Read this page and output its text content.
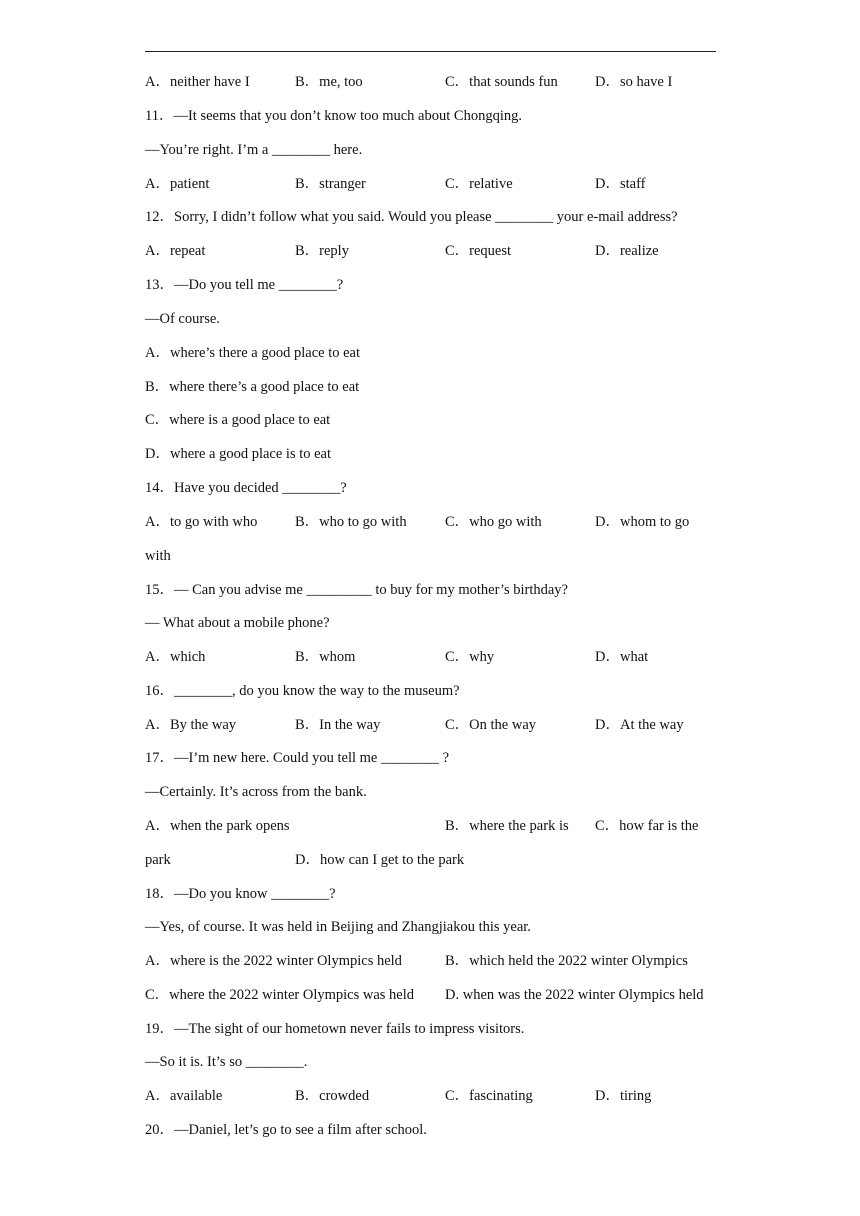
A．neither have I	B．me, too	C．that sounds fun	D．so have I
11．—It seems that you don’t know too much about Chongqing.
—You’re right. I’m a ________ here.
A．patient	B．stranger	C．relative	D．staff
12．Sorry, I didn’t follow what you said. Would you please ________ your e-mail address?
A．repeat	B．reply	C．request	D．realize
13．—Do you tell me ________?
—Of course.
A．where’s there a good place to eat
B．where there’s a good place to eat
C．where is a good place to eat
D．where a good place is to eat
14．Have you decided ________?
A．to go with who	B．who to go with	C．who go with	D．whom to go
with
15．— Can you advise me _________ to buy for my mother’s birthday?
— What about a mobile phone?
A．which	B．whom	C．why	D．what
16．________, do you know the way to the museum?
A．By the way	B．In the way	C．On the way	D．At the way
17．—I’m new here. Could you tell me ________ ?
—Certainly. It’s across from the bank.
A．when the park opens	B．where the park is C．how far is the
park	D．how can I get to the park
18．—Do you know ________?
—Yes, of course. It was held in Beijing and Zhangjiakou this year.
A．where is the 2022 winter Olympics held	B．which held the 2022 winter Olympics
C．where the 2022 winter Olympics was held D. when was the 2022 winter Olympics held
19．—The sight of our hometown never fails to impress visitors.
—So it is. It’s so ________.
A．available	B．crowded	C．fascinating	D．tiring
20．—Daniel, let’s go to see a film after school.
